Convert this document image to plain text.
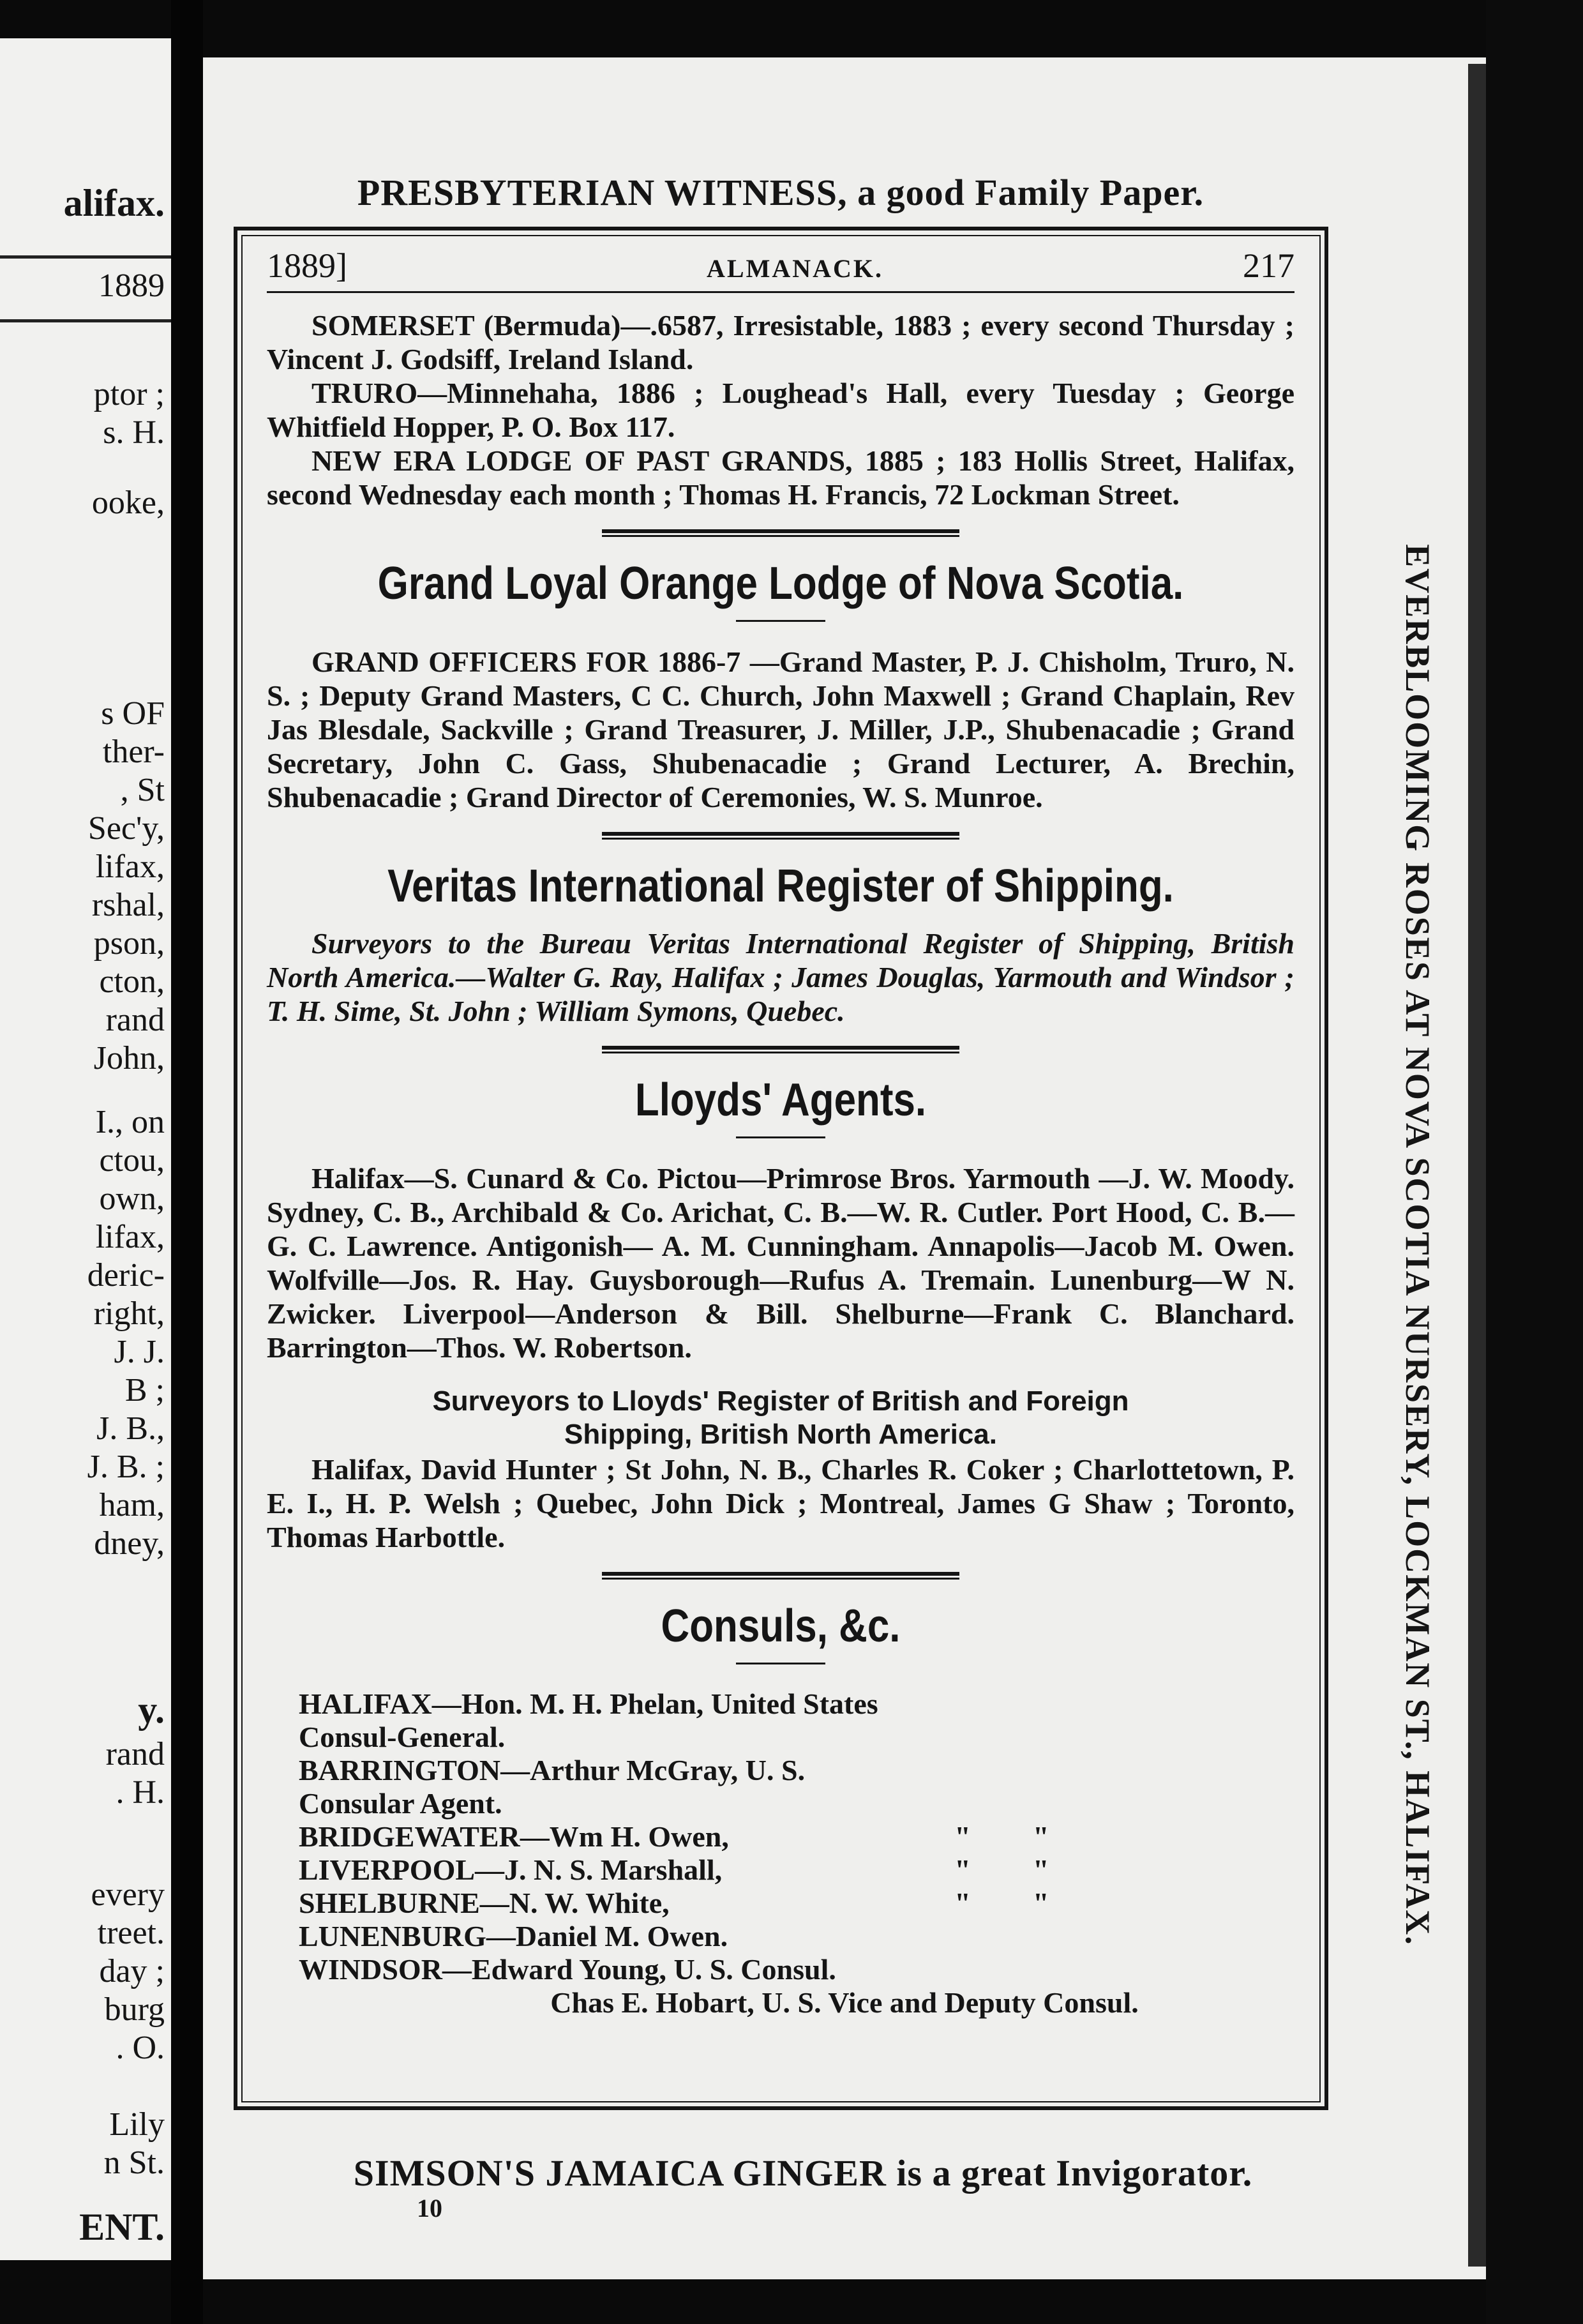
alifax.
1889
ptor ;
s. H.
ooke,
s OF
ther-
, St
Sec'y,
lifax,
rshal,
pson,
cton,
rand
John,
I., on
ctou,
own,
lifax,
deric-
right,
J. J.
B ;
J. B.,
J. B. ;
ham,
dney,
y.
rand
. H.
every
treet.
day ;
burg
. O.
Lily
n St.
ENT.
PRESBYTERIAN WITNESS, a good Family Paper.
1889]	ALMANACK.	217

SOMERSET (Bermuda)—.6587, Irresistable, 1883 ; every second Thursday ; Vincent J. Godsiff, Ireland Island.

TRURO—Minnehaha, 1886 ; Loughead's Hall, every Tuesday ; George Whitfield Hopper, P. O. Box 117.

NEW ERA LODGE OF PAST GRANDS, 1885 ; 183 Hollis Street, Halifax, second Wednesday each month ; Thomas H. Francis, 72 Lockman Street.

Grand Loyal Orange Lodge of Nova Scotia.

GRAND OFFICERS FOR 1886-7 —Grand Master, P. J. Chisholm, Truro, N. S. ; Deputy Grand Masters, C C. Church, John Maxwell ; Grand Chaplain, Rev Jas Blesdale, Sackville ; Grand Treasurer, J. Miller, J.P., Shubenacadie ; Grand Secretary, John C. Gass, Shubenacadie ; Grand Lecturer, A. Brechin, Shubenacadie ; Grand Director of Ceremonies, W. S. Munroe.

Veritas International Register of Shipping.

Surveyors to the Bureau Veritas International Register of Shipping, British North America.—Walter G. Ray, Halifax ; James Douglas, Yarmouth and Windsor ; T. H. Sime, St. John ; William Symons, Quebec.

Lloyds' Agents.

Halifax—S. Cunard & Co. Pictou—Primrose Bros. Yarmouth —J. W. Moody. Sydney, C. B., Archibald & Co. Arichat, C. B.—W. R. Cutler. Port Hood, C. B.—G. C. Lawrence. Antigonish— A. M. Cunningham. Annapolis—Jacob M. Owen. Wolfville—Jos. R. Hay. Guysborough—Rufus A. Tremain. Lunenburg—W N. Zwicker. Liverpool—Anderson & Bill. Shelburne—Frank C. Blanchard. Barrington—Thos. W. Robertson.

Surveyors to Lloyds' Register of British and Foreign
Shipping, British North America.

Halifax, David Hunter ; St John, N. B., Charles R. Coker ; Charlottetown, P. E. I., H. P. Welsh ; Quebec, John Dick ; Montreal, James G Shaw ; Toronto, Thomas Harbottle.

Consuls, &c.
HALIFAX—Hon. M. H. Phelan, United States Consul-General.
BARRINGTON—Arthur McGray, U. S. Consular Agent.
BRIDGEWATER—Wm H. Owen,	"	"
LIVERPOOL—J. N. S. Marshall,	"	"
SHELBURNE—N. W. White,	"	"
LUNENBURG—Daniel M. Owen.
WINDSOR—Edward Young, U. S. Consul.
Chas E. Hobart, U. S. Vice and Deputy Consul.
EVERBLOOMING ROSES AT NOVA SCOTIA NURSERY, LOCKMAN ST., HALIFAX.
SIMSON'S JAMAICA GINGER is a great Invigorator.
10
